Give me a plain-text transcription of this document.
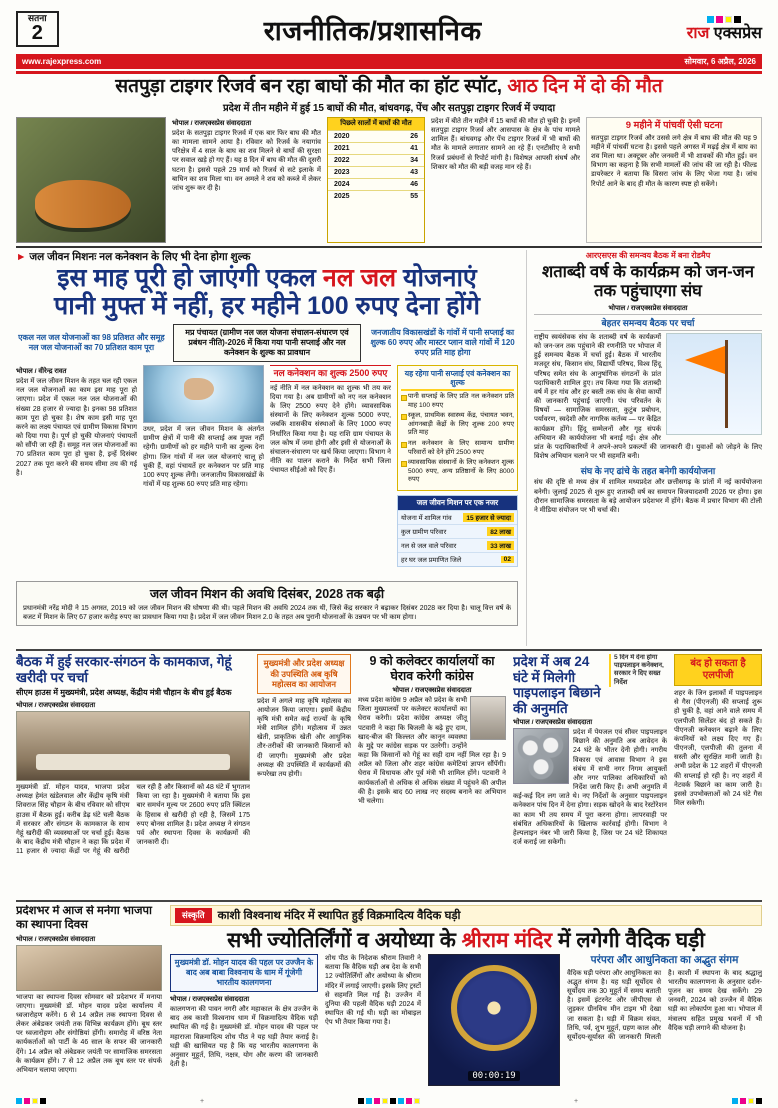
सतना
2	राजनीतिक/प्रशासनिक	राज एक्सप्रेस
www.rajexpress.com	सोमवार, 6 अप्रैल, 2026
सतपुड़ा टाइगर रिजर्व बन रहा बाघों की मौत का हॉट स्पॉट, आठ दिन में दो की मौत
प्रदेश में तीन महीने में हुई 15 बाघों की मौत, बांधवगढ़, पेंच और सतपुड़ा टाइगर रिजर्व में ज्यादा
भोपाल / राजएक्सप्रेस संवाददाता
प्रदेश के सतपुड़ा टाइगर रिजर्व में एक बार फिर बाघ की मौत का मामला सामने आया है। रविवार को रिजर्व के नयागांव परिक्षेत्र में 4 साल के बाघ का शव मिलने से बाघों की सुरक्षा पर सवाल खड़े हो गए हैं। यह 8 दिन में बाघ की मौत की दूसरी घटना है। इससे पहले 29 मार्च को रिजर्व से सटे इलाके में बाघिन का शव मिला था। वन अमले ने शव को कब्जे में लेकर जांच शुरू कर दी है।
पिछले सालों में बाघों की मौत
2020	26
2021	41
2022	34
2023	43
2024	46
2025	55
प्रदेश में बीते तीन महीने में 15 बाघों की मौत हो चुकी है। इनमें सतपुड़ा टाइगर रिजर्व और आसपास के क्षेत्र के पांच मामले शामिल हैं। बांधवगढ़ और पेंच टाइगर रिजर्व में भी बाघों की मौत के मामले लगातार सामने आ रहे हैं। एनटीसीए ने सभी रिजर्व प्रबंधनों से रिपोर्ट मांगी है। विशेषज्ञ आपसी संघर्ष और शिकार को मौत की बड़ी वजह मान रहे हैं।
9 महीने में पांचवीं ऐसी घटना
सतपुड़ा टाइगर रिजर्व और उससे लगे क्षेत्र में बाघ की मौत की यह 9 महीने में पांचवीं घटना है। इससे पहले अगस्त में मढ़ई क्षेत्र में बाघ का शव मिला था। अक्टूबर और जनवरी में भी शावकों की मौत हुई। वन विभाग का कहना है कि सभी मामलों की जांच की जा रही है। फील्ड डायरेक्टर ने बताया कि विसरा जांच के लिए भेजा गया है। जांच रिपोर्ट आने के बाद ही मौत के कारण स्पष्ट हो सकेंगे।
► जल जीवन मिशनः नल कनेक्शन के लिए भी देना होगा शुल्क
इस माह पूरी हो जाएंगी एकल नल जल योजनाएं
पानी मुफ्त में नहीं, हर महीने 100 रुपए देना होंगे
एकल नल जल योजनाओं का 98 प्रतिशत और समूह नल जल योजनाओं का 70 प्रतिशत काम पूरा
मप्र पंचायत (ग्रामीण नल जल योजना संचालन-संधारण एवं प्रबंधन नीति)-2026 में किया गया पानी सप्लाई और नल कनेक्शन के शुल्क का प्रावधान
जनजातीय विकासखंडों के गांवों में पानी सप्लाई का शुल्क 60 रुपए और मास्टर प्लान वाले गांवों में 120 रुपए प्रति माह होगा
भोपाल / वीरेन्द्र रावत
प्रदेश में जल जीवन मिशन के तहत चल रही एकल नल जल योजनाओं का काम इस माह पूरा हो जाएगा। प्रदेश में एकल नल जल योजनाओं की संख्या 28 हजार से ज्यादा है। इनका 98 प्रतिशत काम पूरा हो चुका है। शेष काम इसी माह पूरा करने का लक्ष्य पंचायत एवं ग्रामीण विकास विभाग को दिया गया है। पूर्ण हो चुकी योजनाएं पंचायतों को सौंपी जा रही हैं। समूह नल जल योजनाओं का 70 प्रतिशत काम पूरा हो चुका है, इन्हें दिसंबर 2027 तक पूरा करने की समय सीमा तय की गई है।
उधर, प्रदेश में जल जीवन मिशन के अंतर्गत ग्रामीण क्षेत्रों में पानी की सप्लाई अब मुफ्त नहीं रहेगी। ग्रामीणों को हर महीने पानी का शुल्क देना होगा। जिन गांवों में नल जल योजनाएं चालू हो चुकी हैं, वहां पंचायतें हर कनेक्शन पर प्रति माह 100 रुपए शुल्क लेंगी। जनजातीय विकासखंडों के गांवों में यह शुल्क 60 रुपए प्रति माह रहेगा।
नल कनेक्शन का शुल्क 2500 रुपए
नई नीति में नल कनेक्शन का शुल्क भी तय कर दिया गया है। अब ग्रामीणों को नए नल कनेक्शन के लिए 2500 रुपए देने होंगे। व्यावसायिक संस्थानों के लिए कनेक्शन शुल्क 5000 रुपए, जबकि शासकीय संस्थाओं के लिए 1000 रुपए निर्धारित किया गया है। यह राशि ग्राम पंचायत के जल कोष में जमा होगी और इसी से योजनाओं के संचालन-संधारण पर खर्च किया जाएगा। विभाग ने नीति का पालन कराने के निर्देश सभी जिला पंचायत सीईओ को दिए हैं।
यह रहेगा पानी सप्लाई एवं कनेक्शन का शुल्क
पानी सप्लाई के लिए प्रति नल कनेक्शन प्रति माह 100 रुपए
स्कूल, प्राथमिक स्वास्थ्य केंद्र, पंचायत भवन, आंगनबाड़ी केंद्रों के लिए शुल्क 200 रुपए प्रति माह
नल कनेक्शन के लिए सामान्य ग्रामीण परिवारों को देने होंगे 2500 रुपए
व्यावसायिक संस्थानों के लिए कनेक्शन शुल्क 5000 रुपए, अन्य प्रतिष्ठानों के लिए 8000 रुपए
जल जीवन मिशन पर एक नजर
योजना में शामिल गांव	15 हजार से ज्यादा
कुल ग्रामीण परिवार	82 लाख
नल से जल वाले परिवार	33 लाख
हर घर जल प्रमाणित जिले	02
जल जीवन मिशन की अवधि दिसंबर, 2028 तक बढ़ी
प्रधानमंत्री नरेंद्र मोदी ने 15 अगस्त, 2019 को जल जीवन मिशन की घोषणा की थी। पहले मिशन की अवधि 2024 तक थी, जिसे केंद्र सरकार ने बढ़ाकर दिसंबर 2028 कर दिया है। चालू वित्त वर्ष के बजट में मिशन के लिए 67 हजार करोड़ रुपए का प्रावधान किया गया है। प्रदेश में जल जीवन मिशन 2.0 के तहत अब पुरानी योजनाओं के उन्नयन पर भी काम होगा।
आरएसएस की समन्वय बैठक में बना रोडमैप
शताब्दी वर्ष के कार्यक्रम को जन-जन तक पहुंचाएगा संघ
भोपाल / राजएक्सप्रेस संवाददाता
बेहतर समन्वय बैठक पर चर्चा
राष्ट्रीय स्वयंसेवक संघ के शताब्दी वर्ष के कार्यक्रमों को जन-जन तक पहुंचाने की रणनीति पर भोपाल में हुई समन्वय बैठक में चर्चा हुई। बैठक में भारतीय मजदूर संघ, किसान संघ, विद्यार्थी परिषद, विश्व हिंदू परिषद समेत संघ के आनुषांगिक संगठनों के प्रांत पदाधिकारी शामिल हुए। तय किया गया कि शताब्दी वर्ष में हर गांव और हर बस्ती तक संघ के सेवा कार्यों की जानकारी पहुंचाई जाएगी। पंच परिवर्तन के विषयों — सामाजिक समरसता, कुटुंब प्रबोधन, पर्यावरण, स्वदेशी और नागरिक कर्तव्य — पर केंद्रित कार्यक्रम होंगे। हिंदू सम्मेलनों और गृह संपर्क अभियान की कार्ययोजना भी बनाई गई। क्षेत्र और प्रांत के पदाधिकारियों ने अपने-अपने प्रकल्पों की जानकारी दी। युवाओं को जोड़ने के लिए विशेष अभियान चलाने पर भी सहमति बनी।
संघ के नए ढांचे के तहत बनेगी कार्ययोजना
संघ की दृष्टि से मध्य क्षेत्र में शामिल मध्यप्रदेश और छत्तीसगढ़ के प्रांतों में नई कार्ययोजना बनेगी। जुलाई 2025 से शुरू हुए शताब्दी वर्ष का समापन विजयादशमी 2026 पर होगा। इस दौरान सामाजिक समरसता के बड़े आयोजन प्रदेशभर में होंगे। बैठक में प्रचार विभाग की टोली ने मीडिया संयोजन पर भी चर्चा की।
बैठक में हुई सरकार-संगठन के कामकाज, गेहूं खरीदी पर चर्चा
सीएम हाउस में मुख्यमंत्री, प्रदेश अध्यक्ष, केंद्रीय मंत्री चौहान के बीच हुई बैठक
भोपाल / राजएक्सप्रेस संवाददाता
मुख्यमंत्री डॉ. मोहन यादव, भाजपा प्रदेश अध्यक्ष हेमंत खंडेलवाल और केंद्रीय कृषि मंत्री शिवराज सिंह चौहान के बीच रविवार को सीएम हाउस में बैठक हुई। करीब डेढ़ घंटे चली बैठक में सरकार और संगठन के कामकाज के साथ गेहूं खरीदी की व्यवस्थाओं पर चर्चा हुई। बैठक के बाद केंद्रीय मंत्री चौहान ने कहा कि प्रदेश में 11 हजार से ज्यादा केंद्रों पर गेहूं की खरीदी चल रही है और किसानों को 48 घंटे में भुगतान किया जा रहा है। मुख्यमंत्री ने बताया कि इस बार समर्थन मूल्य पर 2600 रुपए प्रति क्विंटल के हिसाब से खरीदी हो रही है, जिसमें 175 रुपए बोनस शामिल है। प्रदेश अध्यक्ष ने संगठन पर्व और स्थापना दिवस के कार्यक्रमों की जानकारी दी।
मुख्यमंत्री और प्रदेश अध्यक्ष की उपस्थिति अब कृषि महोत्सव का आयोजन
प्रदेश में अगले माह कृषि महोत्सव का आयोजन किया जाएगा। इसमें केंद्रीय कृषि मंत्री समेत कई राज्यों के कृषि मंत्री शामिल होंगे। महोत्सव में उन्नत खेती, प्राकृतिक खेती और आधुनिक तौर-तरीकों की जानकारी किसानों को दी जाएगी। मुख्यमंत्री और प्रदेश अध्यक्ष की उपस्थिति में कार्यक्रमों की रूपरेखा तय होगी।
9 को कलेक्टर कार्यालयों का घेराव करेगी कांग्रेस
भोपाल / राजएक्सप्रेस संवाददाता
मध्य प्रदेश कांग्रेस 9 अप्रैल को प्रदेश के सभी जिला मुख्यालयों पर कलेक्टर कार्यालयों का घेराव करेगी। प्रदेश कांग्रेस अध्यक्ष जीतू पटवारी ने कहा कि बिजली के बढ़े हुए दाम, खाद-बीज की किल्लत और कानून व्यवस्था के मुद्दे पर कांग्रेस सड़क पर उतरेगी। उन्होंने कहा कि किसानों को गेहूं का सही दाम नहीं मिल रहा है। 9 अप्रैल को जिला और शहर कांग्रेस कमेटियां ज्ञापन सौंपेंगी। घेराव में विधायक और पूर्व मंत्री भी शामिल होंगे। पटवारी ने कार्यकर्ताओं से अधिक से अधिक संख्या में पहुंचने की अपील की है। इसके बाद 60 लाख नए सदस्य बनाने का अभियान भी चलेगा।
5 दिन में देना होगा पाइपलाइन कनेक्शन, सरकार ने दिए सख्त निर्देश
प्रदेश में अब 24 घंटे में मिलेगी पाइपलाइन बिछाने की अनुमति
भोपाल / राजएक्सप्रेस संवाददाता
प्रदेश में पेयजल एवं सीवर पाइपलाइन बिछाने की अनुमति अब आवेदन के 24 घंटे के भीतर देनी होगी। नगरीय विकास एवं आवास विभाग ने इस संबंध में सभी नगर निगम आयुक्तों और नगर पालिका अधिकारियों को निर्देश जारी किए हैं। अभी अनुमति में कई-कई दिन लग जाते थे। नए निर्देशों के अनुसार पाइपलाइन कनेक्शन पांच दिन में देना होगा। सड़क खोदने के बाद रेस्टोरेशन का काम भी तय समय में पूरा करना होगा। लापरवाही पर संबंधित अधिकारियों के खिलाफ कार्रवाई होगी। विभाग ने हेल्पलाइन नंबर भी जारी किया है, जिस पर 24 घंटे शिकायत दर्ज कराई जा सकेगी।
बंद हो सकता है एलपीजी
शहर के जिन इलाकों में पाइपलाइन से गैस (पीएनजी) की सप्लाई शुरू हो चुकी है, वहां आने वाले समय में एलपीजी सिलेंडर बंद हो सकते हैं। पीएनजी कनेक्शन बढ़ाने के लिए कंपनियों को लक्ष्य दिए गए हैं। पीएनजी, एलपीजी की तुलना में सस्ती और सुरक्षित मानी जाती है। अभी प्रदेश के 12 शहरों में पीएनजी की सप्लाई हो रही है। नए शहरों में नेटवर्क बिछाने का काम जारी है। इससे उपभोक्ताओं को 24 घंटे गैस मिल सकेगी।
प्रदेशभर में आज से मनेगा भाजपा का स्थापना दिवस
भोपाल / राजएक्सप्रेस संवाददाता
भाजपा का स्थापना दिवस सोमवार को प्रदेशभर में मनाया जाएगा। मुख्यमंत्री डॉ. मोहन यादव प्रदेश कार्यालय में ध्वजारोहण करेंगे। 6 से 14 अप्रैल तक स्थापना दिवस से लेकर अंबेडकर जयंती तक विभिन्न कार्यक्रम होंगे। बूथ स्तर पर ध्वजारोहण और संगोष्ठियां होंगी। समारोह में वरिष्ठ नेता कार्यकर्ताओं को पार्टी के 46 साल के सफर की जानकारी देंगे। 14 अप्रैल को अंबेडकर जयंती पर सामाजिक समरसता के कार्यक्रम होंगे। 7 से 12 अप्रैल तक बूथ स्तर पर संपर्क अभियान चलाया जाएगा।
संस्कृति	काशी विश्वनाथ मंदिर में स्थापित हुई विक्रमादित्य वैदिक घड़ी
सभी ज्योतिर्लिंगों व अयोध्या के श्रीराम मंदिर में लगेगी वैदिक घड़ी
मुख्यमंत्री डॉ. मोहन यादव की पहल पर उज्जैन के बाद अब बाबा विश्वनाथ के धाम में गूंजेगी भारतीय कालगणना
भोपाल / राजएक्सप्रेस संवाददाता
कालगणना की पावन नगरी और महाकाल के क्षेत्र उज्जैन के बाद अब काशी विश्वनाथ धाम में विक्रमादित्य वैदिक घड़ी स्थापित की गई है। मुख्यमंत्री डॉ. मोहन यादव की पहल पर महाराजा विक्रमादित्य शोध पीठ ने यह घड़ी तैयार कराई है। घड़ी की खासियत यह है कि यह भारतीय कालगणना के अनुसार मुहूर्त, तिथि, नक्षत्र, योग और करण की जानकारी देती है।
शोध पीठ के निदेशक श्रीराम तिवारी ने बताया कि वैदिक घड़ी अब देश के सभी 12 ज्योतिर्लिंगों और अयोध्या के श्रीराम मंदिर में लगाई जाएगी। इसके लिए ट्रस्टों से सहमति मिल गई है। उज्जैन में दुनिया की पहली वैदिक घड़ी 2024 में स्थापित की गई थी। घड़ी का मोबाइल ऐप भी तैयार किया गया है।
00:00:19
परंपरा और आधुनिकता का अद्भुत संगम
वैदिक घड़ी परंपरा और आधुनिकता का अद्भुत संगम है। यह घड़ी सूर्योदय से सूर्योदय तक 30 मुहूर्त में समय बताती है। इसमें इंटरनेट और जीपीएस से जुड़कर ग्रीनविच मीन टाइम भी देखा जा सकता है। घड़ी में विक्रम संवत, तिथि, पर्व, शुभ मुहूर्त, ग्रहण काल और सूर्योदय-सूर्यास्त की जानकारी मिलती है। काशी में स्थापना के बाद श्रद्धालु भारतीय कालगणना के अनुसार दर्शन-पूजन का समय देख सकेंगे। 29 जनवरी, 2024 को उज्जैन में वैदिक घड़ी का लोकार्पण हुआ था। भोपाल में मंत्रालय सहित प्रमुख भवनों में भी वैदिक घड़ी लगाने की योजना है।
+	+
